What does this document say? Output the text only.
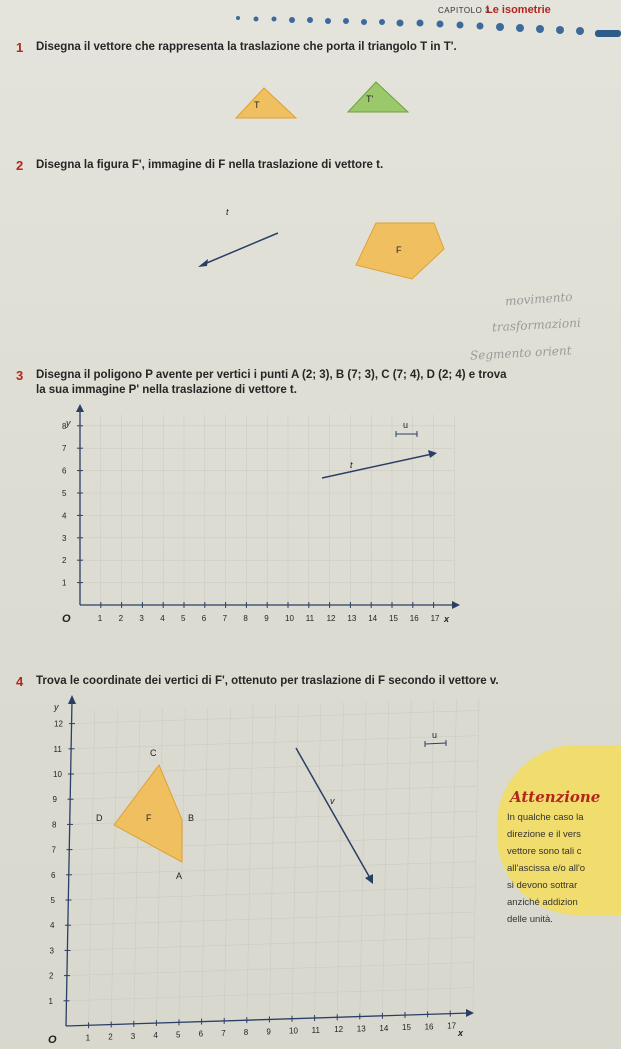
CAPITOLO 3
Le isometrie
1 Disegna il vettore che rappresenta la traslazione che porta il triangolo T in T'.
T
T'
2 Disegna la figura F', immagine di F nella traslazione di vettore t.
t
F
movimento
trasformazioni
Segmento orient
3 Disegna il poligono P avente per vertici i punti A (2; 3), B (7; 3), C (7; 4), D (2; 4) e trova
la sua immagine P' nella traslazione di vettore t.
1 2 3 4 5 6 7 8 9 10 11 12 13 14 15 16 17
1
2
3
4
5
6
7
8
O	x
y	u
t
4 Trova le coordinate dei vertici di F', ottenuto per traslazione di F secondo il vettore v.
Attenzione
In qualche caso la
direzione e il vers
vettore sono tali c
all'ascissa e/o all'o
si devono sottrar
anziché addizion
delle unità.
1 2 3 4 5 6 7 8 9 10 11 12 13 14 15 16 17
1
2
3
4
5
6
7
8
9
10
11
12
O
x
y
u
v
C
D	B
A
F
